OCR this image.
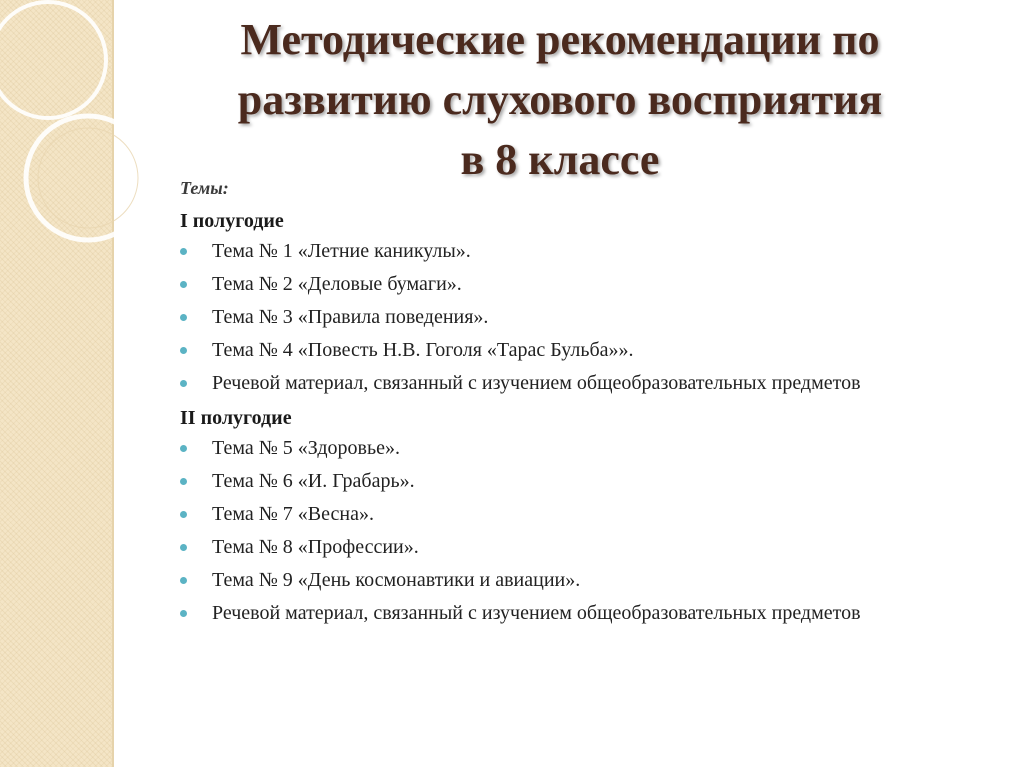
Методические рекомендации по
развитию слухового восприятия
в 8 классе
Темы:
I полугодие
Тема № 1 «Летние каникулы».
Тема № 2 «Деловые бумаги».
Тема № 3 «Правила поведения».
Тема № 4 «Повесть Н.В. Гоголя «Тарас Бульба»».
Речевой материал, связанный с изучением общеобразовательных предметов
II полугодие
Тема № 5 «Здоровье».
Тема № 6 «И. Грабарь».
Тема № 7 «Весна».
Тема № 8 «Профессии».
Тема № 9 «День космонавтики и авиации».
Речевой материал, связанный с изучением общеобразовательных предметов
